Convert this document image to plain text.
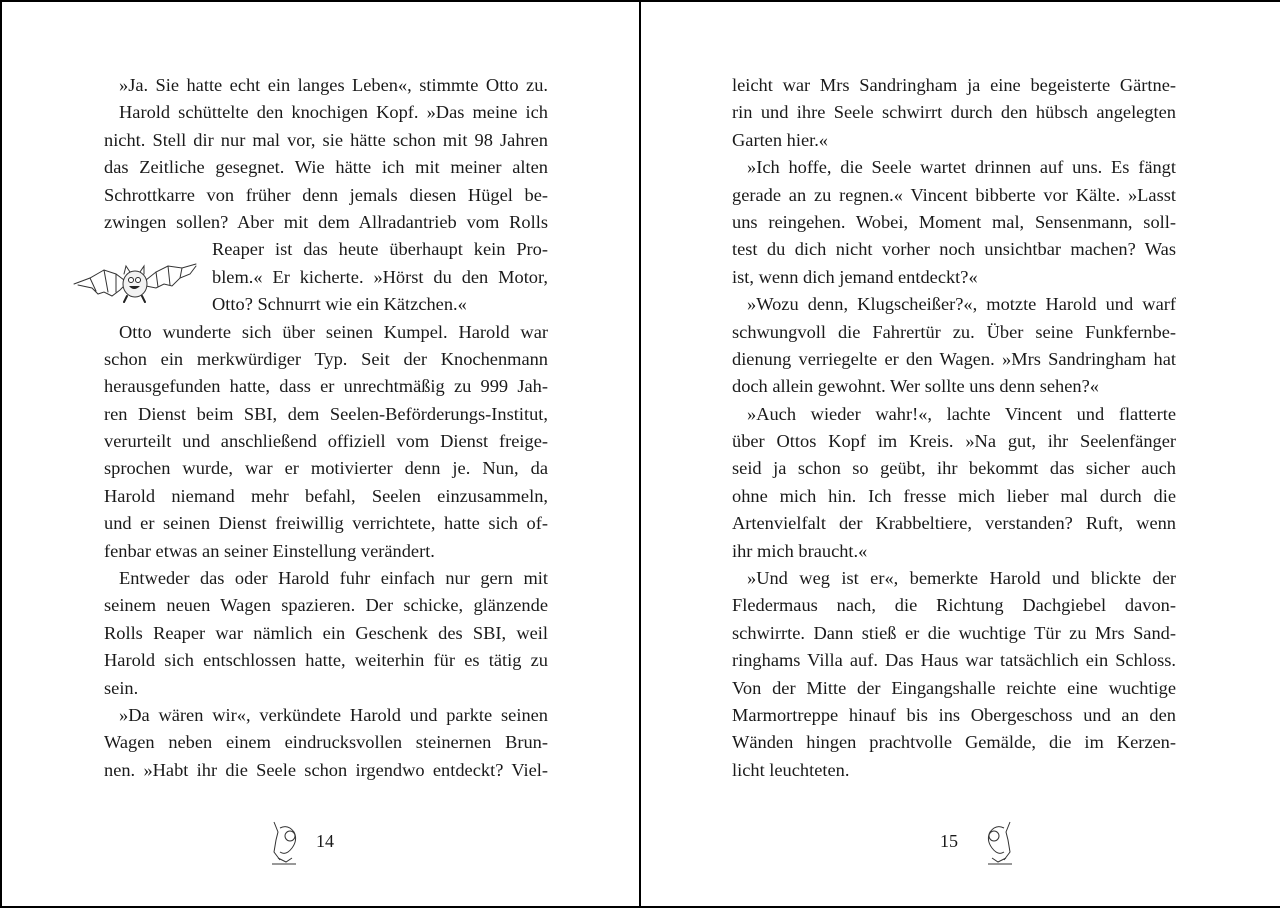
»Ja. Sie hatte echt ein langes Leben«, stimmte Otto zu.
Harold schüttelte den knochigen Kopf. »Das meine ich
nicht. Stell dir nur mal vor, sie hätte schon mit 98 Jahren
das Zeitliche gesegnet. Wie hätte ich mit meiner alten
Schrottkarre von früher denn jemals diesen Hügel be-
zwingen sollen? Aber mit dem Allradantrieb vom Rolls
Reaper ist das heute überhaupt kein Pro-
blem.« Er kicherte. »Hörst du den Motor,
Otto? Schnurrt wie ein Kätzchen.«
Otto wunderte sich über seinen Kumpel. Harold war
schon ein merkwürdiger Typ. Seit der Knochenmann
herausgefunden hatte, dass er unrechtmäßig zu 999 Jah-
ren Dienst beim SBI, dem Seelen-Beförderungs-Institut,
verurteilt und anschließend offiziell vom Dienst freige-
sprochen wurde, war er motivierter denn je. Nun, da
Harold niemand mehr befahl, Seelen einzusammeln,
und er seinen Dienst freiwillig verrichtete, hatte sich of-
fenbar etwas an seiner Einstellung verändert.
Entweder das oder Harold fuhr einfach nur gern mit
seinem neuen Wagen spazieren. Der schicke, glänzende
Rolls Reaper war nämlich ein Geschenk des SBI, weil
Harold sich entschlossen hatte, weiterhin für es tätig zu
sein.
»Da wären wir«, verkündete Harold und parkte seinen
Wagen neben einem eindrucksvollen steinernen Brun-
nen. »Habt ihr die Seele schon irgendwo entdeckt? Viel-
14
leicht war Mrs Sandringham ja eine begeisterte Gärtne-
rin und ihre Seele schwirrt durch den hübsch angelegten
Garten hier.«
»Ich hoffe, die Seele wartet drinnen auf uns. Es fängt
gerade an zu regnen.« Vincent bibberte vor Kälte. »Lasst
uns reingehen. Wobei, Moment mal, Sensenmann, soll-
test du dich nicht vorher noch unsichtbar machen? Was
ist, wenn dich jemand entdeckt?«
»Wozu denn, Klugscheißer?«, motzte Harold und warf
schwungvoll die Fahrertür zu. Über seine Funkfernbe-
dienung verriegelte er den Wagen. »Mrs Sandringham hat
doch allein gewohnt. Wer sollte uns denn sehen?«
»Auch wieder wahr!«, lachte Vincent und flatterte
über Ottos Kopf im Kreis. »Na gut, ihr Seelenfänger
seid ja schon so geübt, ihr bekommt das sicher auch
ohne mich hin. Ich fresse mich lieber mal durch die
Artenvielfalt der Krabbeltiere, verstanden? Ruft, wenn
ihr mich braucht.«
»Und weg ist er«, bemerkte Harold und blickte der
Fledermaus nach, die Richtung Dachgiebel davon-
schwirrte. Dann stieß er die wuchtige Tür zu Mrs Sand-
ringhams Villa auf. Das Haus war tatsächlich ein Schloss.
Von der Mitte der Eingangshalle reichte eine wuchtige
Marmortreppe hinauf bis ins Obergeschoss und an den
Wänden hingen prachtvolle Gemälde, die im Kerzen-
licht leuchteten.
15
